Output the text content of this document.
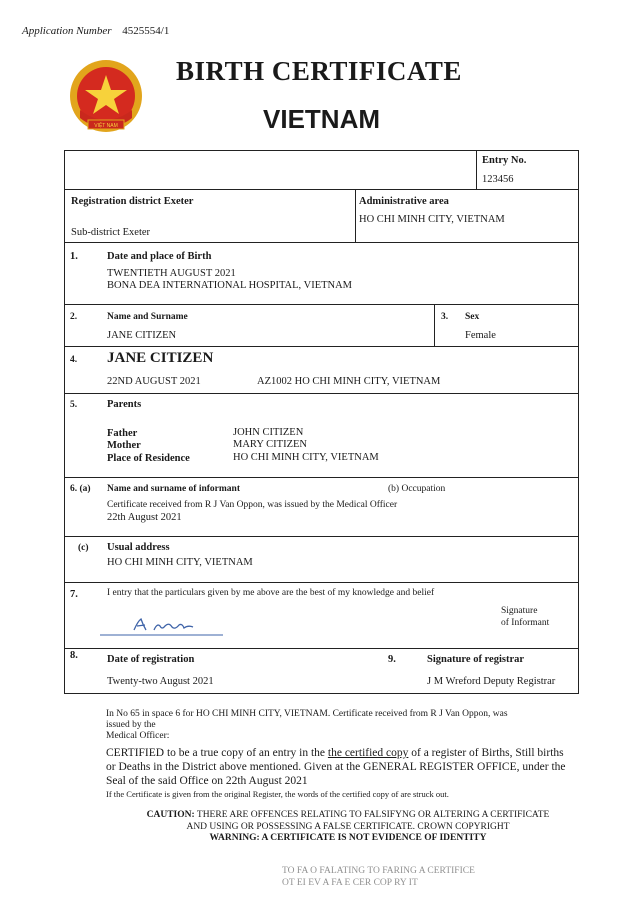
Application Number 4525554/1
VIỆT NAM
BIRTH CERTIFICATE
VIETNAM
Entry No.
123456
Registration district Exeter
Sub-district Exeter
Administrative area
HO CHI MINH CITY, VIETNAM
1.	Date and place of Birth
TWENTIETH AUGUST 2021
BONA DEA INTERNATIONAL HOSPITAL, VIETNAM
2.	Name and Surname
JANE CITIZEN
3. Sex
Female
4. JANE CITIZEN
22ND AUGUST 2021	AZ1002 HO CHI MINH CITY, VIETNAM
5.	Parents
Father	JOHN CITIZEN
Mother	MARY CITIZEN
Place of Residence	HO CHI MINH CITY, VIETNAM
6. (a) Name and surname of informant	(b) Occupation
Certificate received from R J Van Oppon, was issued by the Medical Officer
22th August 2021
(c) Usual address
HO CHI MINH CITY, VIETNAM
7.	I entry that the particulars given by me above are the best of my knowledge and belief
Signature
of Informant
8.	Date of registration
Twenty-two August 2021
9.	Signature of registrar
J M Wreford Deputy Registrar
In No 65 in space 6 for HO CHI MINH CITY, VIETNAM. Certificate received from R J Van Oppon, was
issued by the
Medical Officer:
CERTIFIED to be a true copy of an entry in the the certified copy of a register of Births, Still births or Deaths in the District above mentioned. Given at the GENERAL REGISTER OFFICE, under the Seal of the said Office on 22th August 2021
If the Certificate is given from the original Register, the words of the certified copy of are struck out.
CAUTION: THERE ARE OFFENCES RELATING TO FALSIFYNG OR ALTERING A CERTIFICATE
AND USING OR POSSESSING A FALSE CERTIFICATE. CROWN COPYRIGHT
WARNING: A CERTIFICATE IS NOT EVIDENCE OF IDENTITY
TO FA O FALATING TO FARING A CERTIFICE
OT EI EV A FA E CER COP RY IT
